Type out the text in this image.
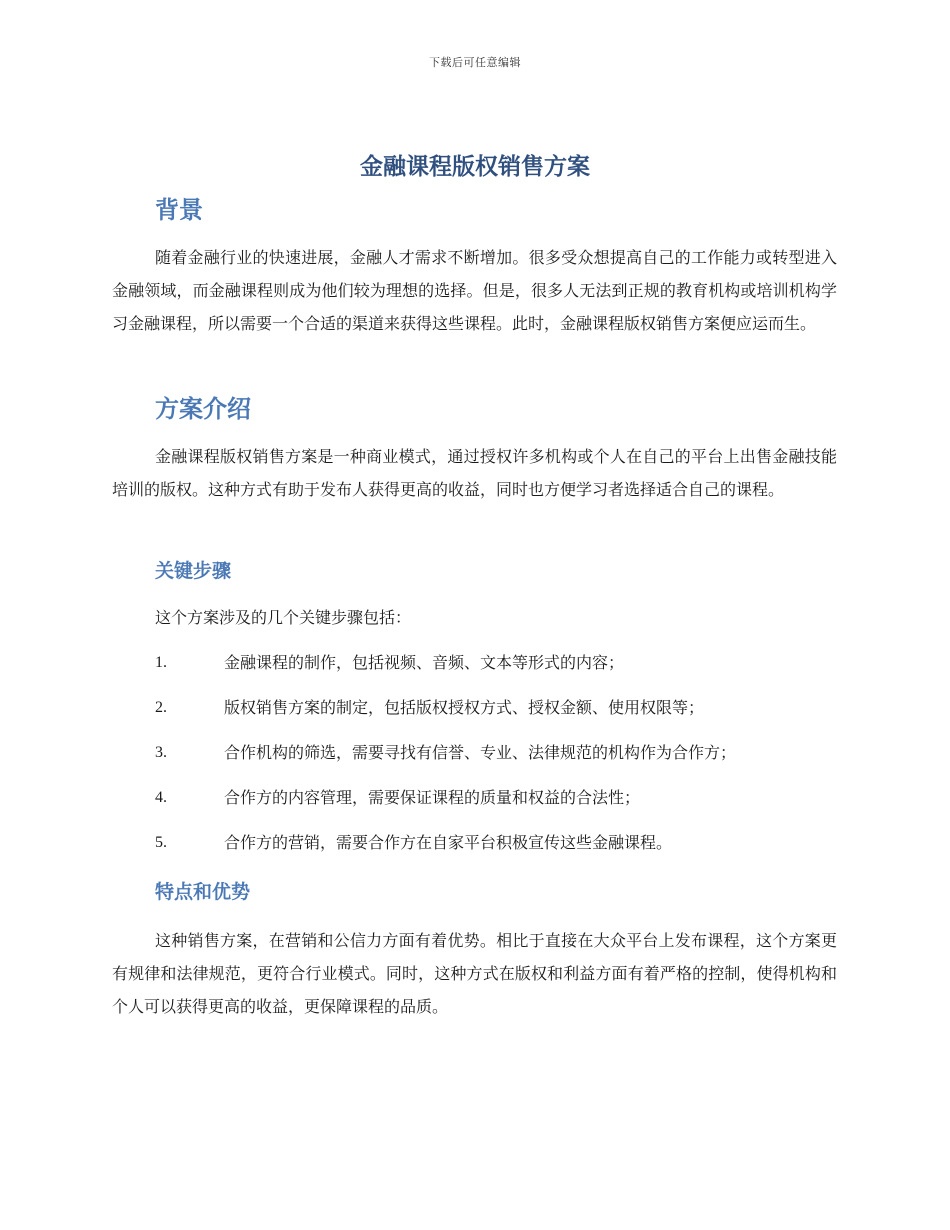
下载后可任意编辑
金融课程版权销售方案
背景

随着金融行业的快速进展，金融人才需求不断增加。很多受众想提高自己的工作能力或转型进入金融领域，而金融课程则成为他们较为理想的选择。但是，很多人无法到正规的教育机构或培训机构学习金融课程，所以需要一个合适的渠道来获得这些课程。此时，金融课程版权销售方案便应运而生。

方案介绍

金融课程版权销售方案是一种商业模式，通过授权许多机构或个人在自己的平台上出售金融技能培训的版权。这种方式有助于发布人获得更高的收益，同时也方便学习者选择适合自己的课程。

关键步骤

这个方案涉及的几个关键步骤包括：

1.	金融课程的制作，包括视频、音频、文本等形式的内容；
2.	版权销售方案的制定，包括版权授权方式、授权金额、使用权限等；
3.	合作机构的筛选，需要寻找有信誉、专业、法律规范的机构作为合作方；
4.	合作方的内容管理，需要保证课程的质量和权益的合法性；
5.	合作方的营销，需要合作方在自家平台积极宣传这些金融课程。
特点和优势

这种销售方案，在营销和公信力方面有着优势。相比于直接在大众平台上发布课程，这个方案更有规律和法律规范，更符合行业模式。同时，这种方式在版权和利益方面有着严格的控制，使得机构和个人可以获得更高的收益，更保障课程的品质。
